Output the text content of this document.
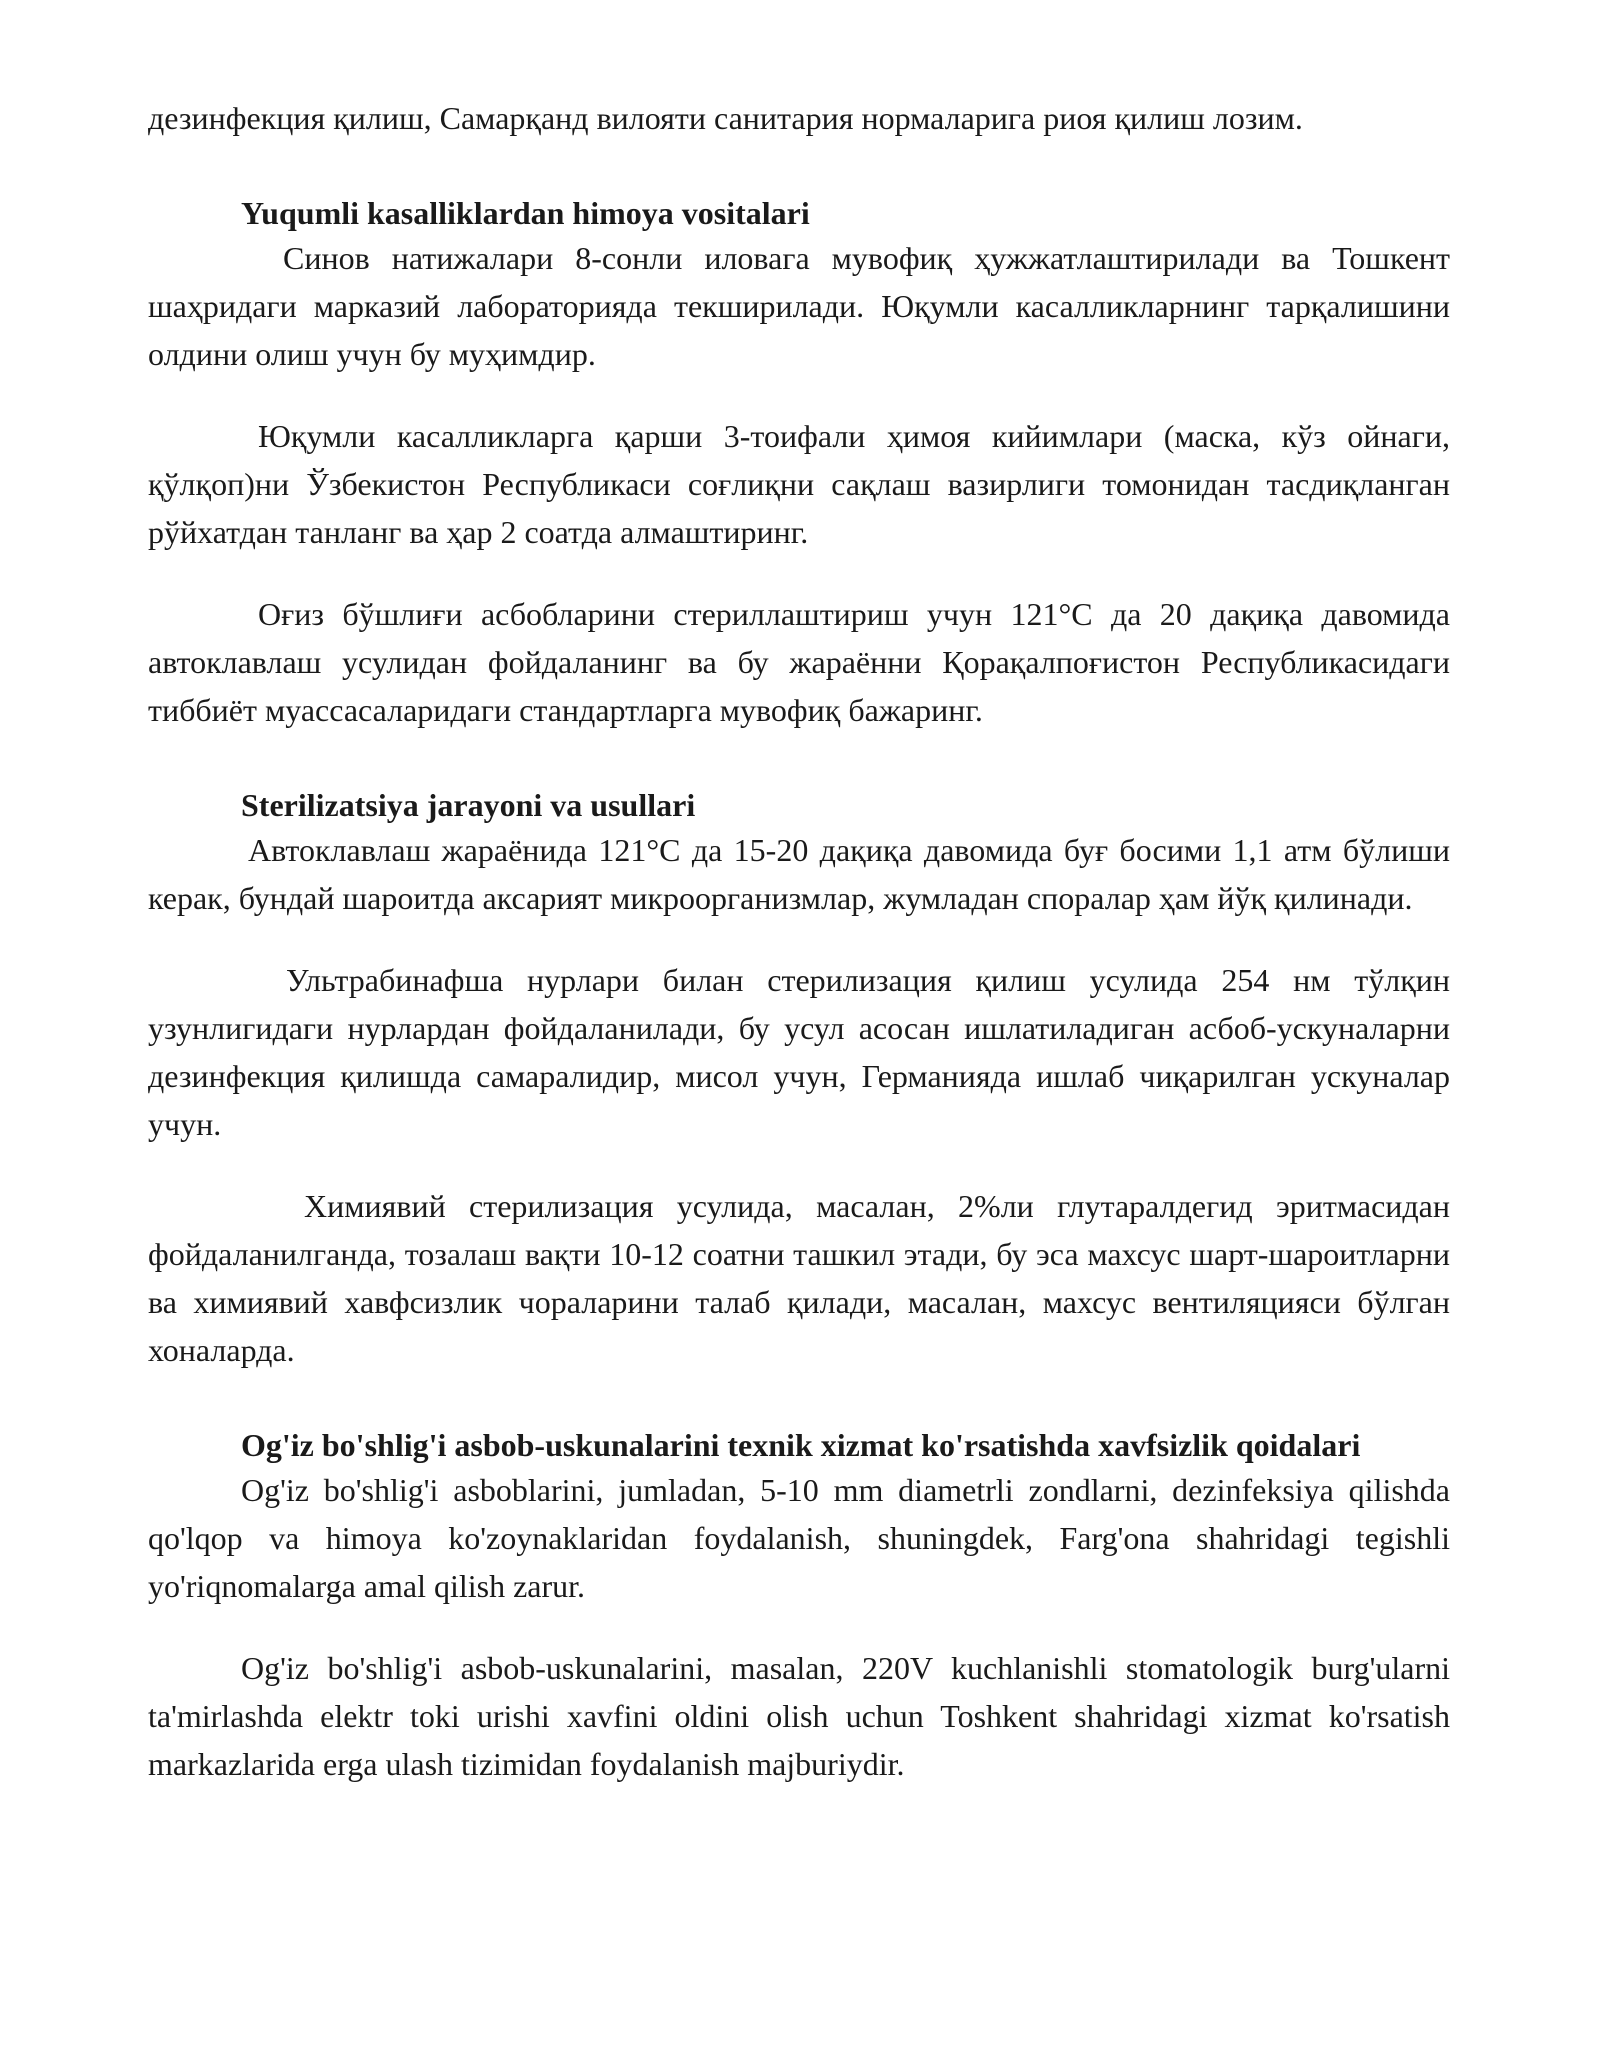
дезинфекция қилиш, Самарқанд вилояти санитария нормаларига риоя қилиш лозим.

Yuqumli kasalliklardan himoya vositalari

Синов натижалари 8-сонли иловага мувофиқ ҳужжатлаштирилади ва Тошкент шаҳридаги марказий лабораторияда текширилади. Юқумли касалликларнинг тарқалишини олдини олиш учун бу муҳимдир.

Юқумли касалликларга қарши 3-тоифали ҳимоя кийимлари (маска, кўз ойнаги, қўлқоп)ни Ўзбекистон Республикаси соғлиқни сақлаш вазирлиги томонидан тасдиқланган рўйхатдан танланг ва ҳар 2 соатда алмаштиринг.

Оғиз бўшлиғи асбобларини стериллаштириш учун 121°C да 20 дақиқа давомида автоклавлаш усулидан фойдаланинг ва бу жараённи Қорақалпоғистон Республикасидаги тиббиёт муассасаларидаги стандартларга мувофиқ бажаринг.

Sterilizatsiya jarayoni va usullari

Автоклавлаш жараёнида 121°C да 15-20 дақиқа давомида буғ босими 1,1 атм бўлиши керак, бундай шароитда аксарият микроорганизмлар, жумладан споралар ҳам йўқ қилинади.

Ультрабинафша нурлари билан стерилизация қилиш усулида 254 нм тўлқин узунлигидаги нурлардан фойдаланилади, бу усул асосан ишлатиладиган асбоб-ускуналарни дезинфекция қилишда самаралидир, мисол учун, Германияда ишлаб чиқарилган ускуналар учун.

Химиявий стерилизация усулида, масалан, 2%ли глутаралдегид эритмасидан фойдаланилганда, тозалаш вақти 10-12 соатни ташкил этади, бу эса махсус шарт-шароитларни ва химиявий хавфсизлик чораларини талаб қилади, масалан, махсус вентиляцияси бўлган хоналарда.

Og'iz bo'shlig'i asbob-uskunalarini texnik xizmat ko'rsatishda xavfsizlik qoidalari

Og'iz bo'shlig'i asboblarini, jumladan, 5-10 mm diametrli zondlarni, dezinfeksiya qilishda qo'lqop va himoya ko'zoynaklaridan foydalanish, shuningdek, Farg'ona shahridagi tegishli yo'riqnomalarga amal qilish zarur.

Og'iz bo'shlig'i asbob-uskunalarini, masalan, 220V kuchlanishli stomatologik burg'ularni ta'mirlashda elektr toki urishi xavfini oldini olish uchun Toshkent shahridagi xizmat ko'rsatish markazlarida erga ulash tizimidan foydalanish majburiydir.
